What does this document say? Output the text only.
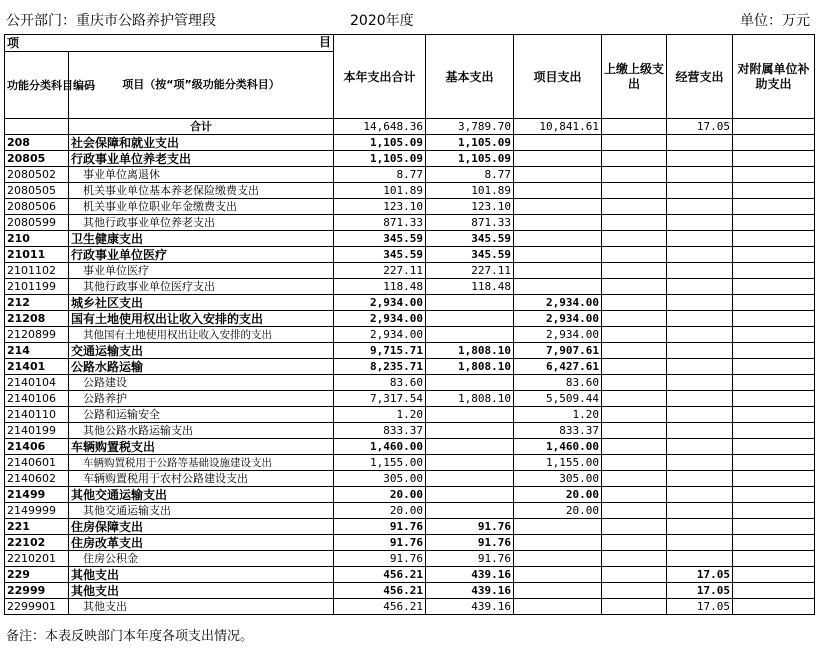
公开部门：重庆市公路养护管理段	2020年度	单位：万元
项 目		本年支出合计	基本支出	项目支出	上缴上级支出	经营支出	对附属单位补助支出
功能分类科目编码	项目（按“项”级功能分类科目）						
	合计	14,648.36	3,789.70	10,841.61		17.05	
208	社会保障和就业支出	1,105.09	1,105.09				
20805	行政事业单位养老支出	1,105.09	1,105.09				
2080502	事业单位离退休	8.77	8.77				
2080505	机关事业单位基本养老保险缴费支出	101.89	101.89				
2080506	机关事业单位职业年金缴费支出	123.10	123.10				
2080599	其他行政事业单位养老支出	871.33	871.33				
210	卫生健康支出	345.59	345.59				
21011	行政事业单位医疗	345.59	345.59				
2101102	事业单位医疗	227.11	227.11				
2101199	其他行政事业单位医疗支出	118.48	118.48				
212	城乡社区支出	2,934.00		2,934.00			
21208	国有土地使用权出让收入安排的支出	2,934.00		2,934.00			
2120899	其他国有土地使用权出让收入安排的支出	2,934.00		2,934.00			
214	交通运输支出	9,715.71	1,808.10	7,907.61			
21401	公路水路运输	8,235.71	1,808.10	6,427.61			
2140104	公路建设	83.60		83.60			
2140106	公路养护	7,317.54	1,808.10	5,509.44			
2140110	公路和运输安全	1.20		1.20			
2140199	其他公路水路运输支出	833.37		833.37			
21406	车辆购置税支出	1,460.00		1,460.00			
2140601	车辆购置税用于公路等基础设施建设支出	1,155.00		1,155.00			
2140602	车辆购置税用于农村公路建设支出	305.00		305.00			
21499	其他交通运输支出	20.00		20.00			
2149999	其他交通运输支出	20.00		20.00			
221	住房保障支出	91.76	91.76				
22102	住房改革支出	91.76	91.76				
2210201	住房公积金	91.76	91.76				
229	其他支出	456.21	439.16			17.05	
22999	其他支出	456.21	439.16			17.05	
2299901	其他支出	456.21	439.16			17.05	
备注：本表反映部门本年度各项支出情况。
